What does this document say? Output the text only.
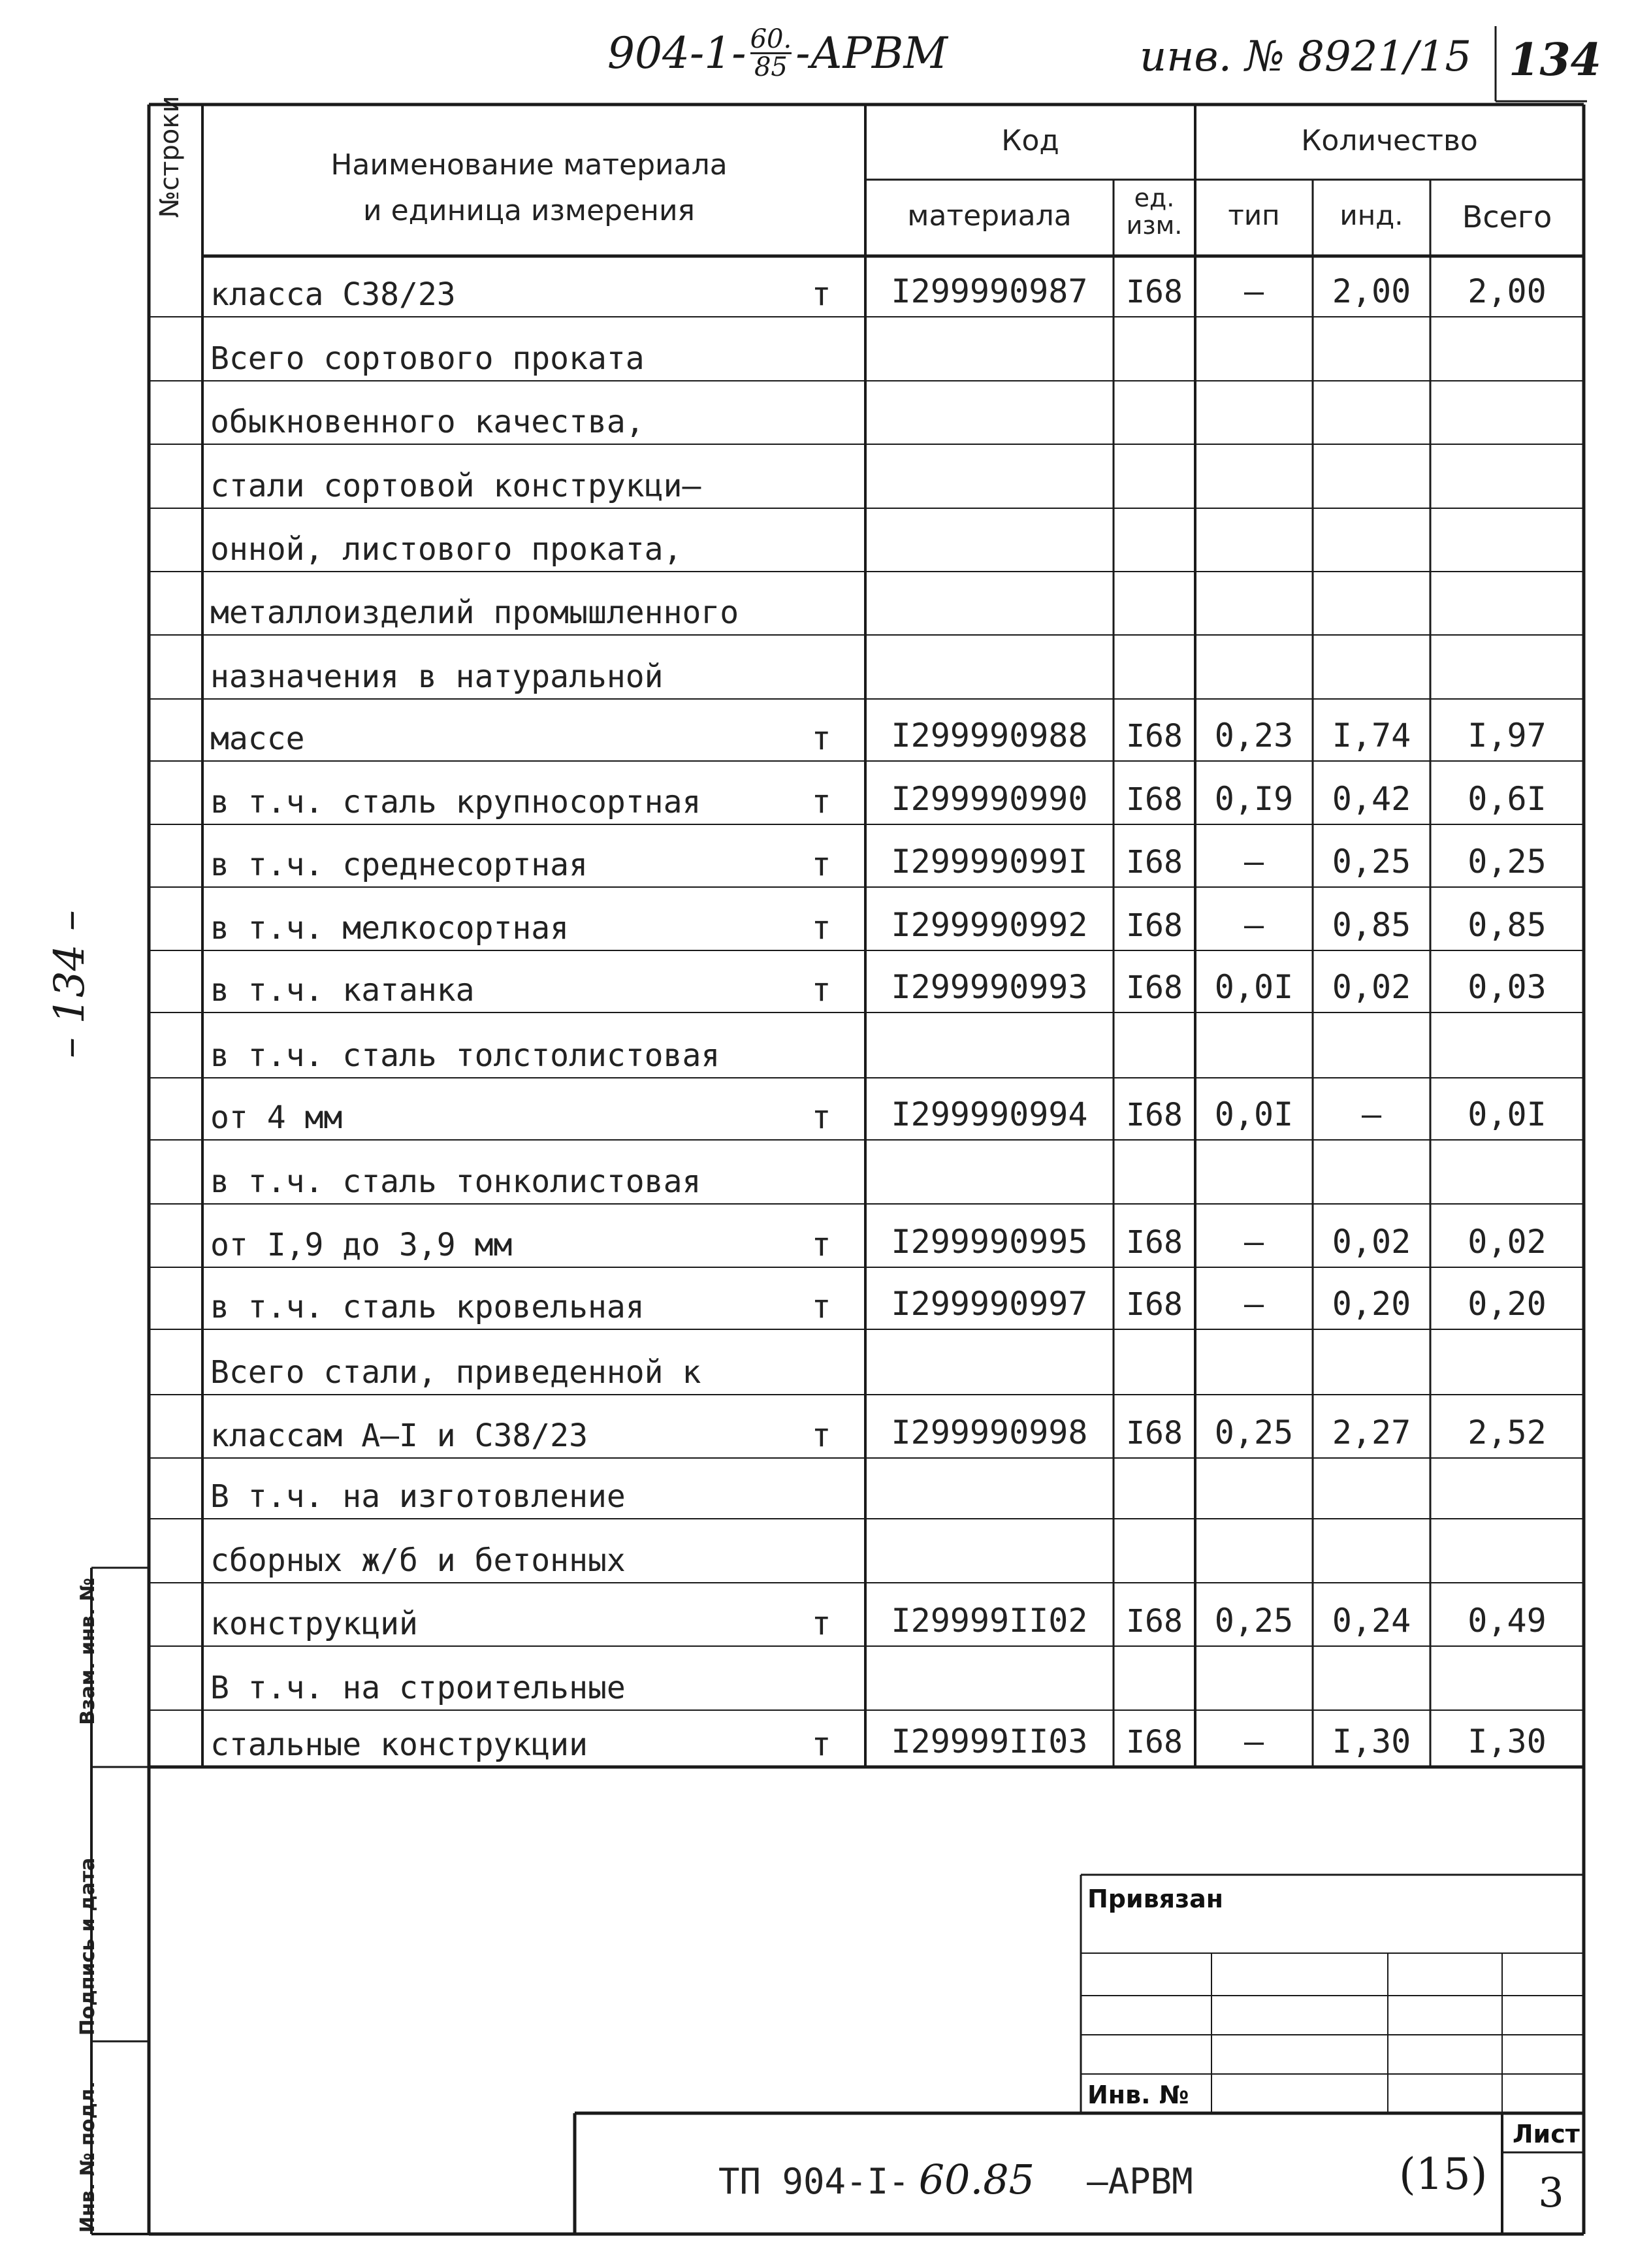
$904-1- \frac{60.}{85}$ -АРВМ	инв. № 8921/15 134
– 134 –
Взам. инв. №
Подпись и дата
Инв. № подл.
№строки	Наименование материала
и единица измерения
Код
материала
ед.
изм.
Количество
тип	инд.	Всего
класса С38/23	т	I299990987	I68	–	2,00	2,00
Всего сортового проката
обыкновенного качества,
стали сортовой конструкци–
онной, листового проката,
металлоизделий промышленного
назначения в натуральной
массе	т	I299990988	I68 0,23	I,74	I,97
в т.ч. сталь крупносортная	т	I299990990	I68 0,I9	0,42	0,6I
в т.ч. среднесортная	т	I29999099I	I68	–	0,25	0,25
в т.ч. мелкосортная	т	I299990992	I68	–	0,85	0,85
в т.ч. катанка	т	I299990993	I68 0,0I	0,02	0,03
в т.ч. сталь толстолистовая
от 4 мм	т	I299990994	I68 0,0I	–	0,0I
в т.ч. сталь тонколистовая
от I,9 до 3,9 мм	т	I299990995	I68	–	0,02	0,02
в т.ч. сталь кровельная	т	I299990997	I68	–	0,20	0,20
Всего стали, приведенной к
классам А–I и С38/23	т	I299990998	I68 0,25	2,27	2,52
В т.ч. на изготовление
сборных ж/б и бетонных
конструкций	т	I29999II02	I68 0,25	0,24	0,49
В т.ч. на строительные
стальные конструкции	т	I29999II03	I68	–	I,30	I,30
Привязан
Инв. №
ТП 904-I- 60.85 –АРВМ	(15)
Лист
3
